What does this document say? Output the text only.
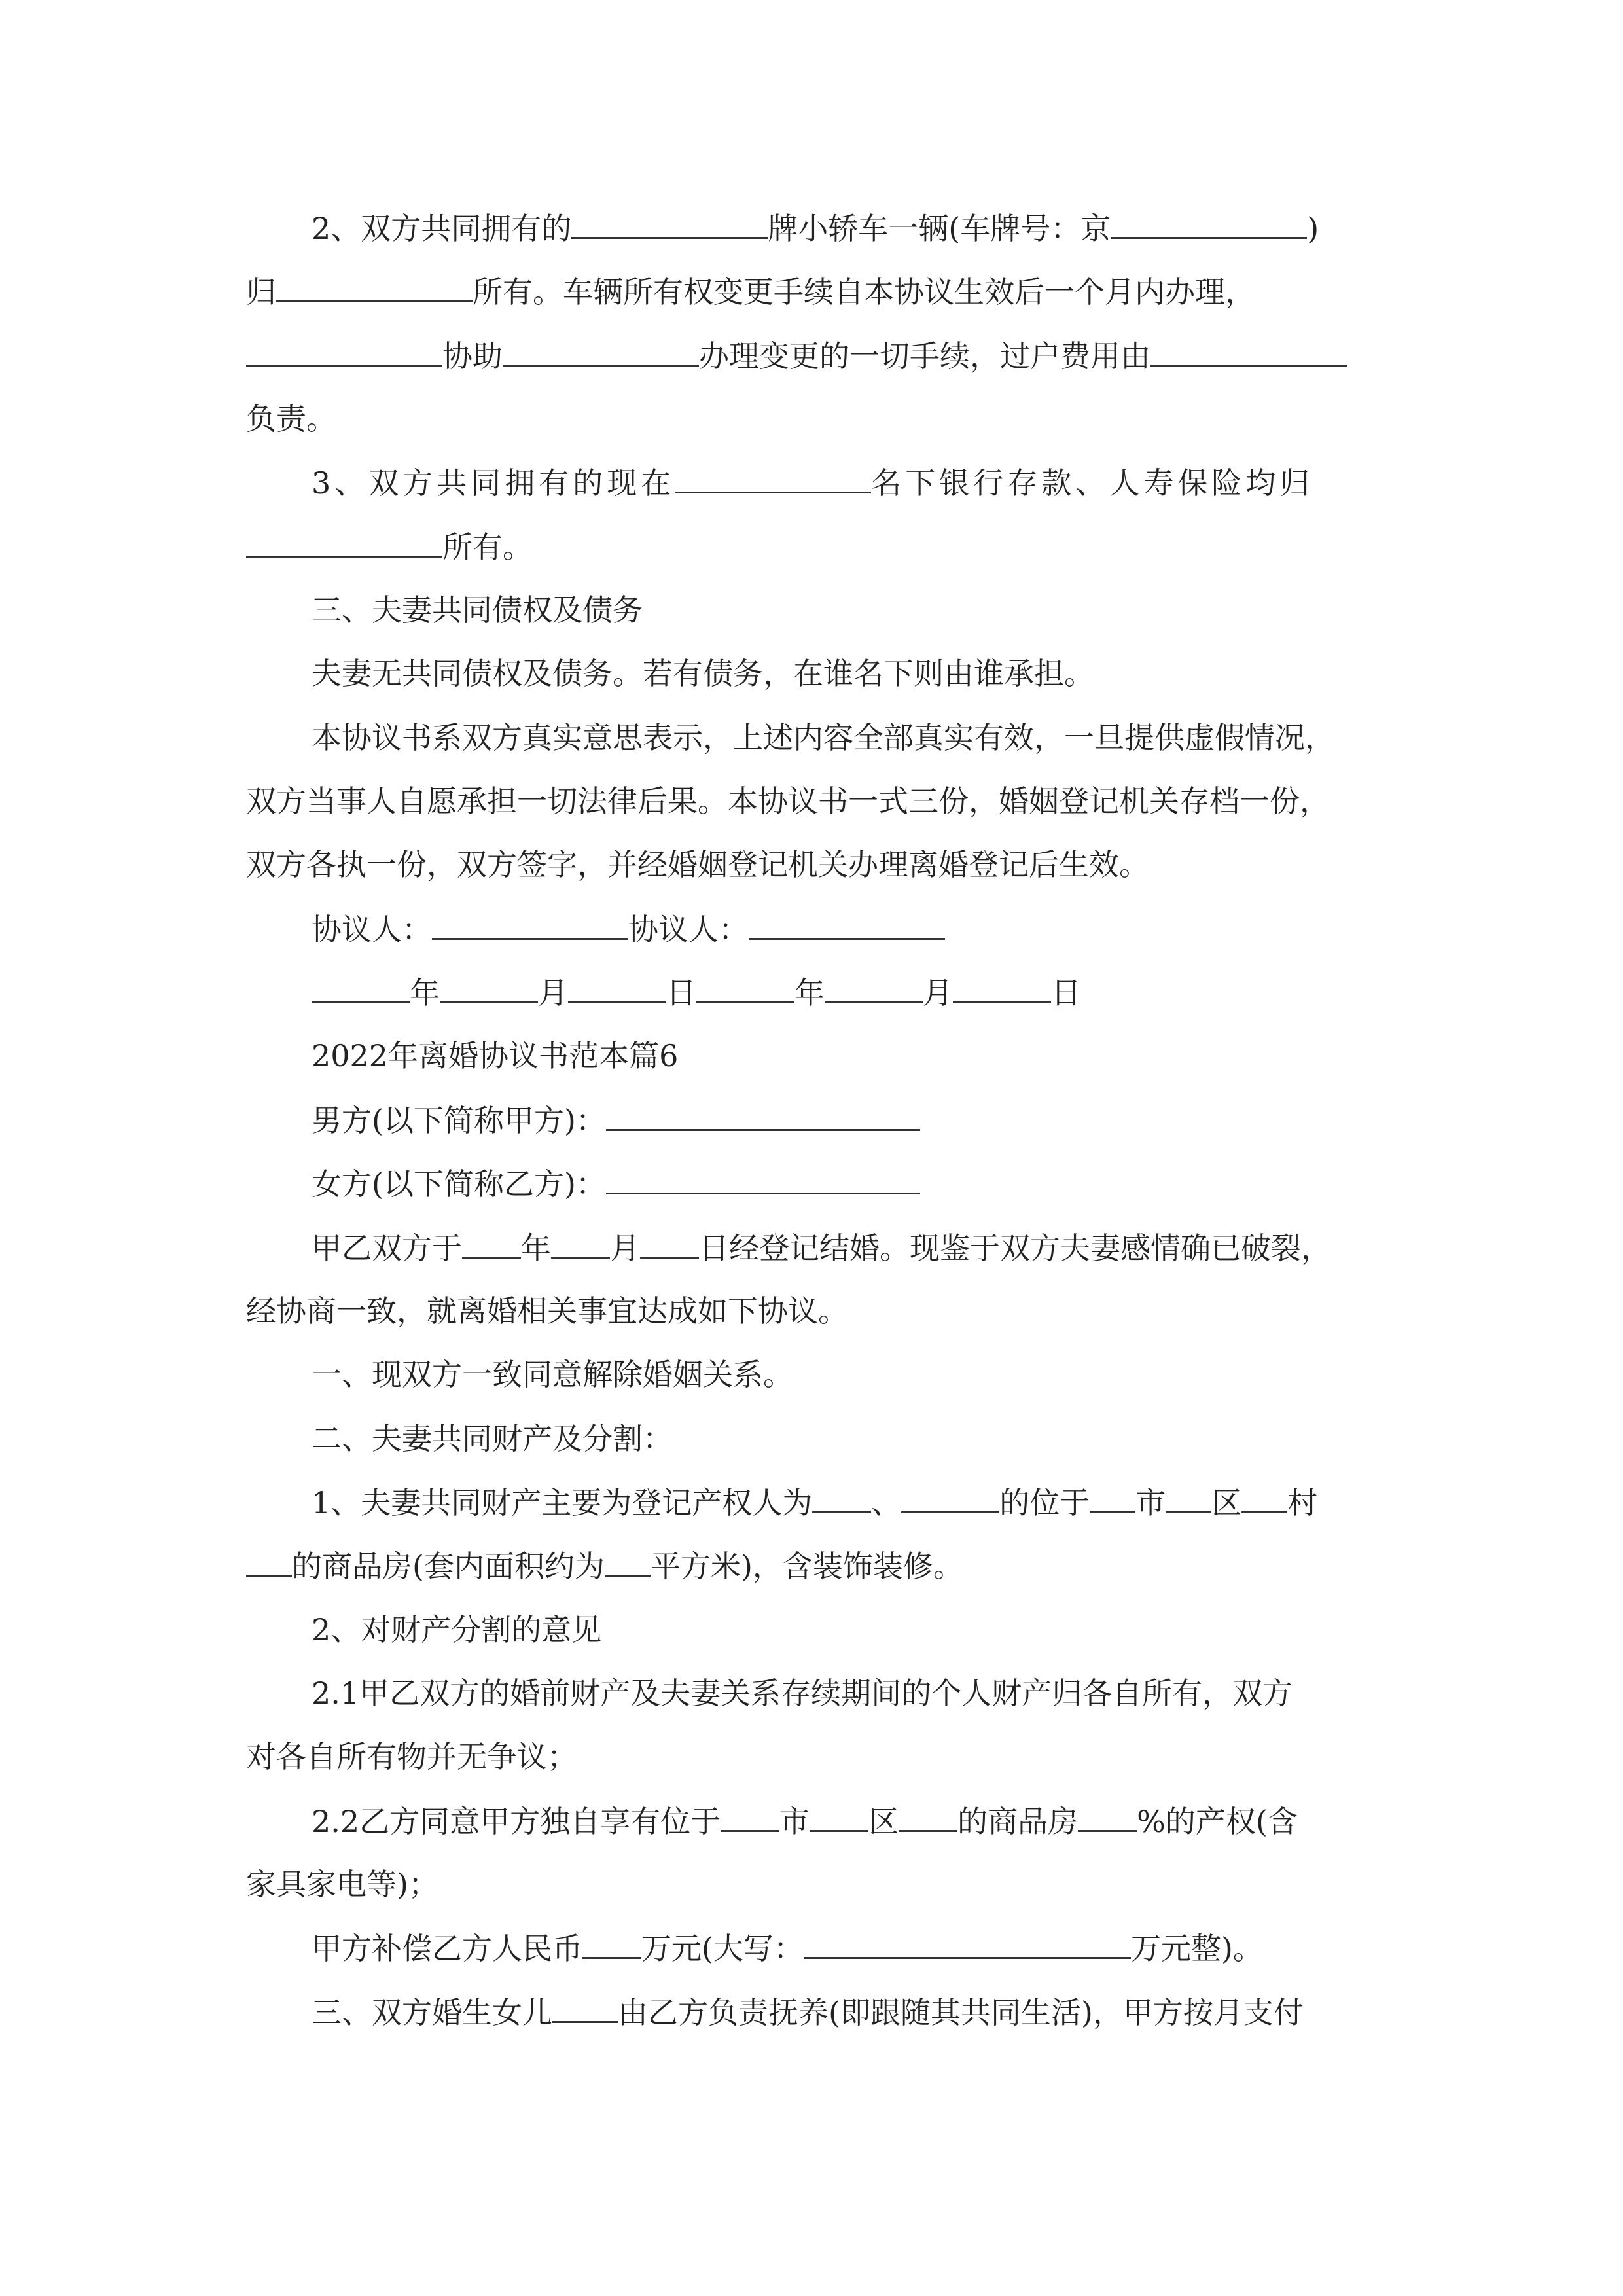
2、双方共同拥有的	牌小轿车一辆(车牌号：京	)

归	所有。车辆所有权变更手续自本协议生效后一个月内办理，

协助	办理变更的一切手续，过户费用由

负责。

3、双方共同拥有的现在	名下银行存款、人寿保险均归

所有。

三、夫妻共同债权及债务

夫妻无共同债权及债务。若有债务，在谁名下则由谁承担。

本协议书系双方真实意思表示，上述内容全部真实有效，一旦提供虚假情况，

双方当事人自愿承担一切法律后果。本协议书一式三份，婚姻登记机关存档一份，

双方各执一份，双方签字，并经婚姻登记机关办理离婚登记后生效。

协议人：	协议人：

年	月	日	年	月	日

2022年离婚协议书范本篇6

男方(以下简称甲方)：

女方(以下简称乙方)：

甲乙双方于 年 月 日经登记结婚。现鉴于双方夫妻感情确已破裂，

经协商一致，就离婚相关事宜达成如下协议。

一、现双方一致同意解除婚姻关系。

二、夫妻共同财产及分割：

1、夫妻共同财产主要为登记产权人为 、	的位于 市 区 村

的商品房(套内面积约为 平方米)，含装饰装修。

2、对财产分割的意见

2.1甲乙双方的婚前财产及夫妻关系存续期间的个人财产归各自所有，双方

对各自所有物并无争议；

2.2乙方同意甲方独自享有位于 市 区 的商品房 %的产权(含

家具家电等)；

甲方补偿乙方人民币 万元(大写：	万元整)。

三、双方婚生女儿 由乙方负责抚养(即跟随其共同生活)，甲方按月支付
